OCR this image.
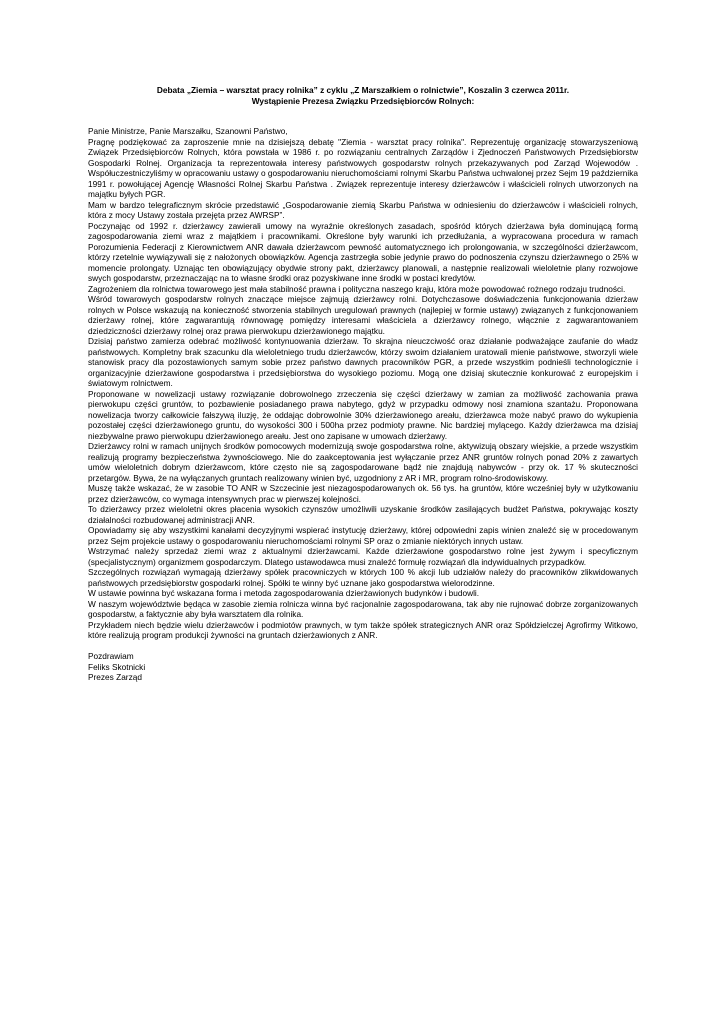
Debata „Ziemia – warsztat pracy rolnika” z cyklu „Z Marszałkiem o rolnictwie”, Koszalin 3 czerwca 2011r.

Wystąpienie Prezesa Związku Przedsiębiorców Rolnych:

Panie Ministrze, Panie Marszałku, Szanowni Państwo,

Pragnę podziękować za zaproszenie mnie na dzisiejszą debatę "Ziemia - warsztat pracy rolnika". Reprezentuję organizację stowarzyszeniową Związek Przedsiębiorców Rolnych, która powstała w 1986 r. po rozwiązaniu centralnych Zarządów i Zjednoczeń Państwowych Przedsiębiorstw Gospodarki Rolnej. Organizacja ta reprezentowała interesy państwowych gospodarstw rolnych przekazywanych pod Zarząd Wojewodów . Współuczestniczyliśmy w opracowaniu ustawy o gospodarowaniu nieruchomościami rolnymi Skarbu Państwa uchwalonej przez Sejm 19 października 1991 r. powołującej Agencję Własności Rolnej Skarbu Państwa . Związek reprezentuje interesy dzierżawców i właścicieli rolnych utworzonych na majątku byłych PGR.

Mam w bardzo telegraficznym skrócie przedstawić „Gospodarowanie ziemią Skarbu Państwa w odniesieniu do dzierżawców i właścicieli rolnych, która z mocy Ustawy została przejęta przez AWRSP”.

Poczynając od 1992 r. dzierżawcy zawierali umowy na wyraźnie określonych zasadach, spośród których dzierżawa była dominującą formą zagospodarowania ziemi wraz z majątkiem i pracownikami. Określone były warunki ich przedłużania, a wypracowana procedura w ramach Porozumienia Federacji z Kierownictwem ANR dawała dzierżawcom pewność automatycznego ich prolongowania, w szczególności dzierżawcom, którzy rzetelnie wywiązywali się z nałożonych obowiązków. Agencja zastrzegła sobie jedynie prawo do podnoszenia czynszu dzierżawnego o 25% w momencie prolongaty. Uznając ten obowiązujący obydwie strony pakt, dzierżawcy planowali, a następnie realizowali wieloletnie plany rozwojowe swych gospodarstw, przeznaczając na to własne środki oraz pozyskiwane inne środki w postaci kredytów.

Zagrożeniem dla rolnictwa towarowego jest mała stabilność prawna i polityczna naszego kraju, która może powodować rożnego rodzaju trudności.

Wśród towarowych gospodarstw rolnych znaczące miejsce zajmują dzierżawcy rolni. Dotychczasowe doświadczenia funkcjonowania dzierżaw rolnych w Polsce wskazują na konieczność stworzenia stabilnych uregulowań prawnych (najlepiej w formie ustawy) związanych z funkcjonowaniem dzierżawy rolnej, które zagwarantują równowagę pomiędzy interesami właściciela a dzierżawcy rolnego, włącznie z zagwarantowaniem dziedziczności dzierżawy rolnej oraz prawa pierwokupu dzierżawionego majątku.

Dzisiaj państwo zamierza odebrać możliwość kontynuowania dzierżaw. To skrajna nieuczciwość oraz działanie podważające zaufanie do władz państwowych. Kompletny brak szacunku dla wieloletniego trudu dzierżawców, którzy swoim działaniem uratowali mienie państwowe, stworzyli wiele stanowisk pracy dla pozostawionych samym sobie przez państwo dawnych pracowników PGR, a przede wszystkim podnieśli technologicznie i organizacyjnie dzierżawione gospodarstwa i przedsiębiorstwa do wysokiego poziomu. Mogą one dzisiaj skutecznie konkurować z europejskim i światowym rolnictwem.

Proponowane w nowelizacji ustawy rozwiązanie dobrowolnego zrzeczenia się części dzierżawy w zamian za możliwość zachowania prawa pierwokupu części gruntów, to pozbawienie posiadanego prawa nabytego, gdyż w przypadku odmowy nosi znamiona szantażu. Proponowana nowelizacja tworzy całkowicie fałszywą iluzję, że oddając dobrowolnie 30% dzierżawionego areału, dzierżawca może nabyć prawo do wykupienia pozostałej części dzierżawionego gruntu, do wysokości 300 i 500ha przez podmioty prawne. Nic bardziej mylącego. Każdy dzierżawca ma dzisiaj niezbywalne prawo pierwokupu dzierżawionego areału. Jest ono zapisane w umowach dzierżawy.

Dzierżawcy rolni w ramach unijnych środków pomocowych modernizują swoje gospodarstwa rolne, aktywizują obszary wiejskie, a przede wszystkim realizują programy bezpieczeństwa żywnościowego. Nie do zaakceptowania jest wyłączanie przez ANR gruntów rolnych ponad 20% z zawartych umów wieloletnich dobrym dzierżawcom, które często nie są zagospodarowane bądź nie znajdują nabywców - przy ok. 17 % skuteczności przetargów. Bywa, że na wyłączanych gruntach realizowany winien być, uzgodniony z AR i MR, program rolno-środowiskowy.

Muszę także wskazać, że w zasobie TO ANR w Szczecinie jest niezagospodarowanych ok. 56 tys. ha gruntów, które wcześniej były w użytkowaniu przez dzierżawców, co wymaga intensywnych prac w pierwszej kolejności.

To dzierżawcy przez wieloletni okres płacenia wysokich czynszów umożliwili uzyskanie środków zasilających budżet Państwa, pokrywając koszty działalności rozbudowanej administracji ANR.

Opowiadamy się aby wszystkimi kanałami decyzyjnymi wspierać instytucję dzierżawy, której odpowiedni zapis winien znaleźć się w procedowanym przez Sejm projekcie ustawy o gospodarowaniu nieruchomościami rolnymi SP oraz o zmianie niektórych innych ustaw.

Wstrzymać należy sprzedaż ziemi wraz z aktualnymi dzierżawcami. Każde dzierżawione gospodarstwo rolne jest żywym i specyficznym (specjalistycznym) organizmem gospodarczym. Dlatego ustawodawca musi znaleźć formułę rozwiązań dla indywidualnych przypadków.

Szczególnych rozwiązań wymagają dzierżawy spółek pracowniczych w których 100 % akcji lub udziałów należy do pracowników zlikwidowanych państwowych przedsiębiorstw gospodarki rolnej. Spółki te winny być uznane jako gospodarstwa wielorodzinne.

W ustawie powinna być wskazana forma i metoda zagospodarowania dzierżawionych budynków i budowli.

W naszym województwie będąca w zasobie ziemia rolnicza winna być racjonalnie zagospodarowana, tak aby nie rujnować dobrze zorganizowanych gospodarstw, a faktycznie aby była warsztatem dla rolnika.

Przykładem niech będzie wielu dzierżawców i podmiotów prawnych, w tym także spółek strategicznych ANR oraz Spółdzielczej Agrofirmy Witkowo, które realizują program produkcji żywności na gruntach dzierżawionych z ANR.

Pozdrawiam

Feliks Skotnicki

Prezes Zarząd
